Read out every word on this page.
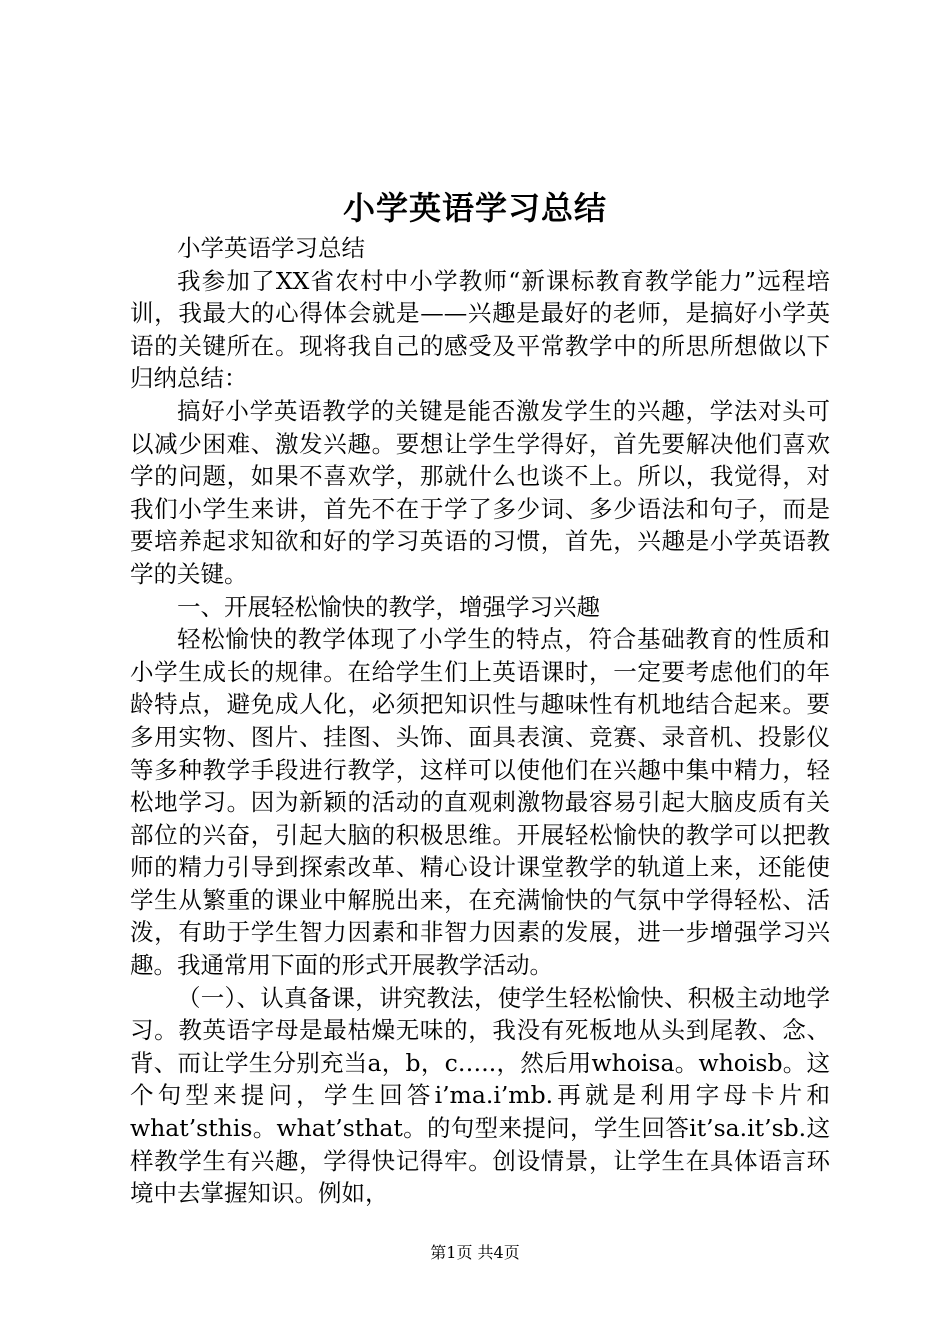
小学英语学习总结

小学英语学习总结

我参加了XX省农村中小学教师“新课标教育教学能力”远程培训，我最大的心得体会就是——兴趣是最好的老师，是搞好小学英语的关键所在。现将我自己的感受及平常教学中的所思所想做以下归纳总结：

搞好小学英语教学的关键是能否激发学生的兴趣，学法对头可以减少困难、激发兴趣。要想让学生学得好，首先要解决他们喜欢学的问题，如果不喜欢学，那就什么也谈不上。所以，我觉得，对我们小学生来讲，首先不在于学了多少词、多少语法和句子，而是要培养起求知欲和好的学习英语的习惯，首先，兴趣是小学英语教学的关键。

一、开展轻松愉快的教学，增强学习兴趣

轻松愉快的教学体现了小学生的特点，符合基础教育的性质和小学生成长的规律。在给学生们上英语课时，一定要考虑他们的年龄特点，避免成人化，必须把知识性与趣味性有机地结合起来。要多用实物、图片、挂图、头饰、面具表演、竞赛、录音机、投影仪等多种教学手段进行教学，这样可以使他们在兴趣中集中精力，轻松地学习。因为新颖的活动的直观刺激物最容易引起大脑皮质有关部位的兴奋，引起大脑的积极思维。开展轻松愉快的教学可以把教师的精力引导到探索改革、精心设计课堂教学的轨道上来，还能使学生从繁重的课业中解脱出来，在充满愉快的气氛中学得轻松、活泼，有助于学生智力因素和非智力因素的发展，进一步增强学习兴趣。我通常用下面的形式开展教学活动。

（一）、认真备课，讲究教法，使学生轻松愉快、积极主动地学习。教英语字母是最枯燥无味的，我没有死板地从头到尾教、念、背、而让学生分别充当a，b，c…..，然后用whoisa。whoisb。这个句型来提问，学生回答i’ma.i’mb.再就是利用字母卡片和what’sthis。what’sthat。的句型来提问，学生回答it’sa.it’sb.这样教学生有兴趣，学得快记得牢。创设情景，让学生在具体语言环境中去掌握知识。例如，

第1页 共4页
